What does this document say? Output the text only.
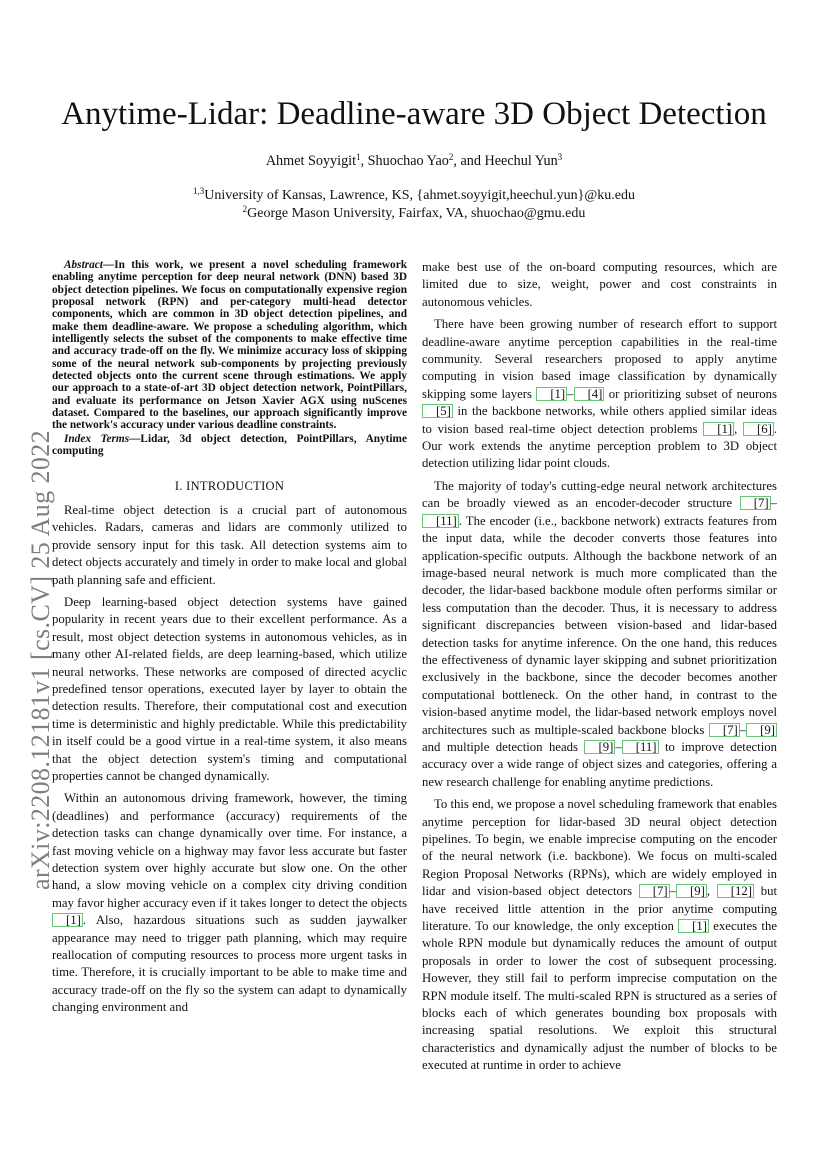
Anytime-Lidar: Deadline-aware 3D Object Detection
Ahmet Soyyigit$^1$, Shuochao Yao$^2$, and Heechul Yun$^3$
$^{1,3}$University of Kansas, Lawrence, KS, {ahmet.soyyigit,heechul.yun}@ku.edu
$^2$George Mason University, Fairfax, VA, shuochao@gmu.edu
arXiv:2208.12181v1 [cs.CV] 25 Aug 2022

Abstract—In this work, we present a novel scheduling framework enabling anytime perception for deep neural network (DNN) based 3D object detection pipelines. We focus on computationally expensive region proposal network (RPN) and per-category multi-head detector components, which are common in 3D object detection pipelines, and make them deadline-aware. We propose a scheduling algorithm, which intelligently selects the subset of the components to make effective time and accuracy trade-off on the fly. We minimize accuracy loss of skipping some of the neural network sub-components by projecting previously detected objects onto the current scene through estimations. We apply our approach to a state-of-art 3D object detection network, PointPillars, and evaluate its performance on Jetson Xavier AGX using nuScenes dataset. Compared to the baselines, our approach significantly improve the network's accuracy under various deadline constraints.

Index Terms—Lidar, 3d object detection, PointPillars, Anytime computing

I. INTRODUCTION

Real-time object detection is a crucial part of autonomous vehicles. Radars, cameras and lidars are commonly utilized to provide sensory input for this task. All detection systems aim to detect objects accurately and timely in order to make local and global path planning safe and efficient.

Deep learning-based object detection systems have gained popularity in recent years due to their excellent performance. As a result, most object detection systems in autonomous vehicles, as in many other AI-related fields, are deep learning-based, which utilize neural networks. These networks are composed of directed acyclic predefined tensor operations, executed layer by layer to obtain the detection results. Therefore, their computational cost and execution time is deterministic and highly predictable. While this predictability in itself could be a good virtue in a real-time system, it also means that the object detection system's timing and computational properties cannot be changed dynamically.

Within an autonomous driving framework, however, the timing (deadlines) and performance (accuracy) requirements of the detection tasks can change dynamically over time. For instance, a fast moving vehicle on a highway may favor less accurate but faster detection system over highly accurate but slow one. On the other hand, a slow moving vehicle on a complex city driving condition may favor higher accuracy even if it takes longer to detect the objects [1] . Also, hazardous situations such as sudden jaywalker appearance may need to trigger path planning, which may require reallocation of computing resources to process more urgent tasks in time. Therefore, it is crucially important to be able to make time and accuracy trade-off on the fly so the system can adapt to dynamically changing environment and

make best use of the on-board computing resources, which are limited due to size, weight, power and cost constraints in autonomous vehicles.

There have been growing number of research effort to support deadline-aware anytime perception capabilities in the real-time community. Several researchers proposed to apply anytime computing in vision based image classification by dynamically skipping some layers [1] – [4] or prioritizing subset of neurons [5] in the backbone networks, while others applied similar ideas to vision based real-time object detection problems [1] , [6] . Our work extends the anytime perception problem to 3D object detection utilizing lidar point clouds.

The majority of today's cutting-edge neural network architectures can be broadly viewed as an encoder-decoder structure [7] –[11] . The encoder (i.e., backbone network) extracts features from the input data, while the decoder converts those features into application-specific outputs. Although the backbone network of an image-based neural network is much more complicated than the decoder, the lidar-based backbone module often performs similar or less computation than the decoder. Thus, it is necessary to address significant discrepancies between vision-based and lidar-based detection tasks for anytime inference. On the one hand, this reduces the effectiveness of dynamic layer skipping and subnet prioritization exclusively in the backbone, since the decoder becomes another computational bottleneck. On the other hand, in contrast to the vision-based anytime model, the lidar-based network employs novel architectures such as multiple-scaled backbone blocks [7] – [9] and multiple detection heads [9] – [11] to improve detection accuracy over a wide range of object sizes and categories, offering a new research challenge for enabling anytime predictions.

To this end, we propose a novel scheduling framework that enables anytime perception for lidar-based 3D neural object detection pipelines. To begin, we enable imprecise computing on the encoder of the neural network (i.e. backbone). We focus on multi-scaled Region Proposal Networks (RPNs), which are widely employed in lidar and vision-based object detectors [7] – [9] , [12] but have received little attention in the prior anytime computing literature. To our knowledge, the only exception [1] executes the whole RPN module but dynamically reduces the amount of output proposals in order to lower the cost of subsequent processing. However, they still fail to perform imprecise computation on the RPN module itself. The multi-scaled RPN is structured as a series of blocks each of which generates bounding box proposals with increasing spatial resolutions. We exploit this structural characteristics and dynamically adjust the number of blocks to be executed at runtime in order to achieve
